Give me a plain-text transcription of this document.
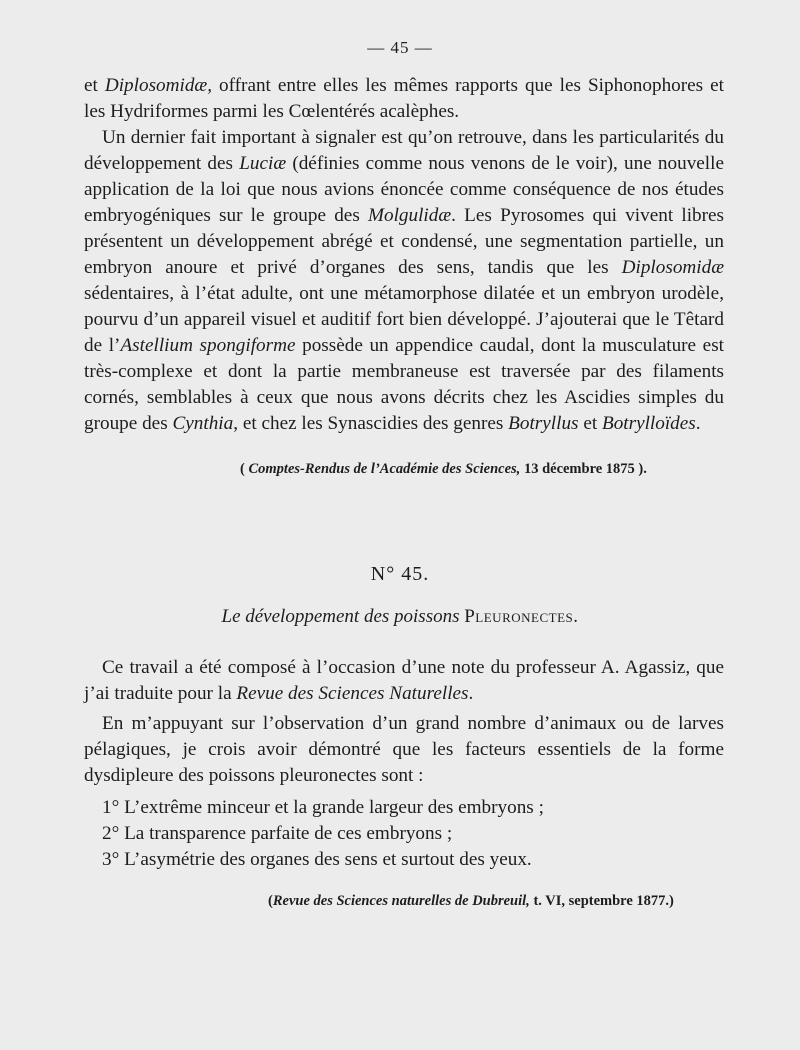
— 45 —
et Diplosomidæ, offrant entre elles les mêmes rapports que les Siphonophores et les Hydriformes parmi les Cœlentérés acalèphes.
Un dernier fait important à signaler est qu’on retrouve, dans les particularités du développement des Luciæ (définies comme nous venons de le voir), une nouvelle application de la loi que nous avions énoncée comme conséquence de nos études embryogéniques sur le groupe des Molgulidæ. Les Pyrosomes qui vivent libres présentent un développement abrégé et condensé, une segmentation partielle, un embryon anoure et privé d’organes des sens, tandis que les Diplosomidæ sédentaires, à l’état adulte, ont une métamorphose dilatée et un embryon urodèle, pourvu d’un appareil visuel et auditif fort bien développé. J’ajouterai que le Têtard de l’Astellium spongiforme possède un appendice caudal, dont la musculature est très-complexe et dont la partie membraneuse est traversée par des filaments cornés, semblables à ceux que nous avons décrits chez les Ascidies simples du groupe des Cynthia, et chez les Synascidies des genres Botryllus et Botrylloïdes.
( Comptes-Rendus de l’Académie des Sciences, 13 décembre 1875 ).
N° 45.
Le développement des poissons Pleuronectes.
Ce travail a été composé à l’occasion d’une note du professeur A. Agassiz, que j’ai traduite pour la Revue des Sciences Naturelles.
En m’appuyant sur l’observation d’un grand nombre d’animaux ou de larves pélagiques, je crois avoir démontré que les facteurs essentiels de la forme dysdipleure des poissons pleuronectes sont :
1° L’extrême minceur et la grande largeur des embryons ;
2° La transparence parfaite de ces embryons ;
3° L’asymétrie des organes des sens et surtout des yeux.
(Revue des Sciences naturelles de Dubreuil, t. VI, septembre 1877.)
